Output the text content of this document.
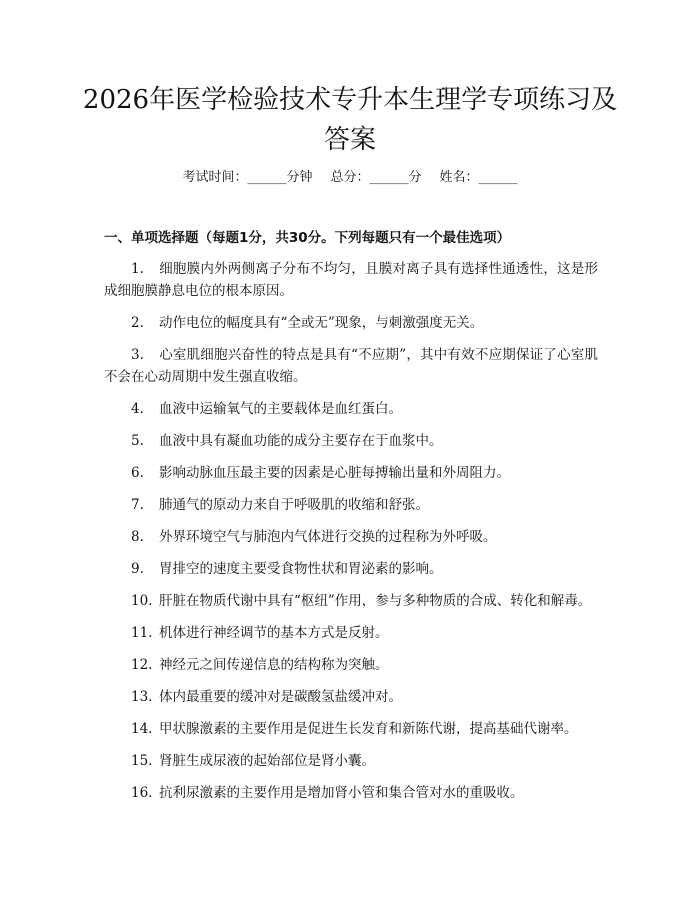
2026年医学检验技术专升本生理学专项练习及答案
考试时间：______分钟 总分：______分 姓名：______
一、单项选择题（每题1分，共30分。下列每题只有一个最佳选项）
1. 细胞膜内外两侧离子分布不均匀，且膜对离子具有选择性通透性，这是形成细胞膜静息电位的根本原因。
2. 动作电位的幅度具有“全或无”现象，与刺激强度无关。
3. 心室肌细胞兴奋性的特点是具有“不应期”，其中有效不应期保证了心室肌不会在心动周期中发生强直收缩。
4. 血液中运输氧气的主要载体是血红蛋白。
5. 血液中具有凝血功能的成分主要存在于血浆中。
6. 影响动脉血压最主要的因素是心脏每搏输出量和外周阻力。
7. 肺通气的原动力来自于呼吸肌的收缩和舒张。
8. 外界环境空气与肺泡内气体进行交换的过程称为外呼吸。
9. 胃排空的速度主要受食物性状和胃泌素的影响。
10. 肝脏在物质代谢中具有“枢纽”作用，参与多种物质的合成、转化和解毒。
11. 机体进行神经调节的基本方式是反射。
12. 神经元之间传递信息的结构称为突触。
13. 体内最重要的缓冲对是碳酸氢盐缓冲对。
14. 甲状腺激素的主要作用是促进生长发育和新陈代谢，提高基础代谢率。
15. 肾脏生成尿液的起始部位是肾小囊。
16. 抗利尿激素的主要作用是增加肾小管和集合管对水的重吸收。
